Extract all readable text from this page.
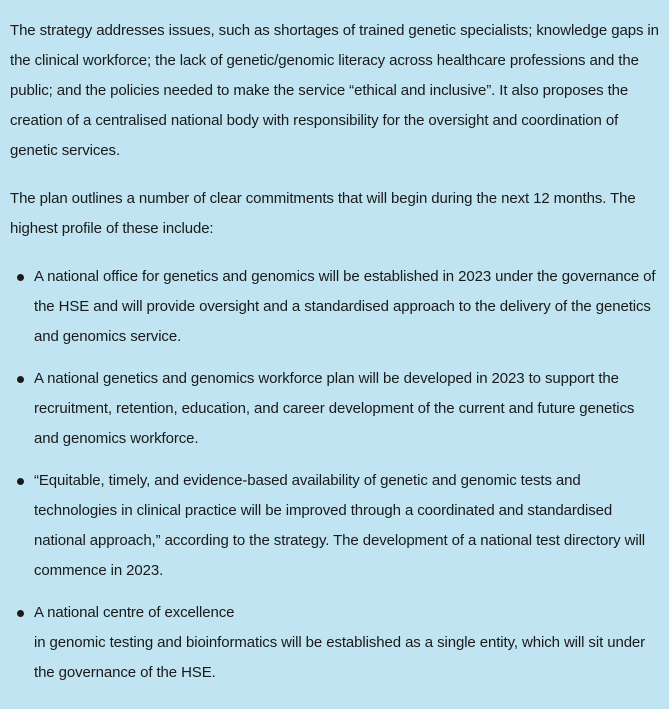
The strategy addresses issues, such as shortages of trained genetic specialists; knowledge gaps in the clinical workforce; the lack of genetic/genomic literacy across healthcare professions and the public; and the policies needed to make the service “ethical and inclusive”. It also proposes the creation of a centralised national body with responsibility for the oversight and coordination of genetic services.

The plan outlines a number of clear commitments that will begin during the next 12 months. The highest profile of these include:

A national office for genetics and genomics will be established in 2023 under the governance of the HSE and will provide oversight and a standardised approach to the delivery of the genetics and genomics service.
A national genetics and genomics workforce plan will be developed in 2023 to support the recruitment, retention, education, and career development of the current and future genetics and genomics workforce.
“Equitable, timely, and evidence-based availability of genetic and genomic tests and technologies in clinical practice will be improved through a coordinated and standardised national approach,” according to the strategy. The development of a national test directory will commence in 2023.
A national centre of excellence
in genomic testing and bioinformatics will be established as a single entity, which will sit under the governance of the HSE.
